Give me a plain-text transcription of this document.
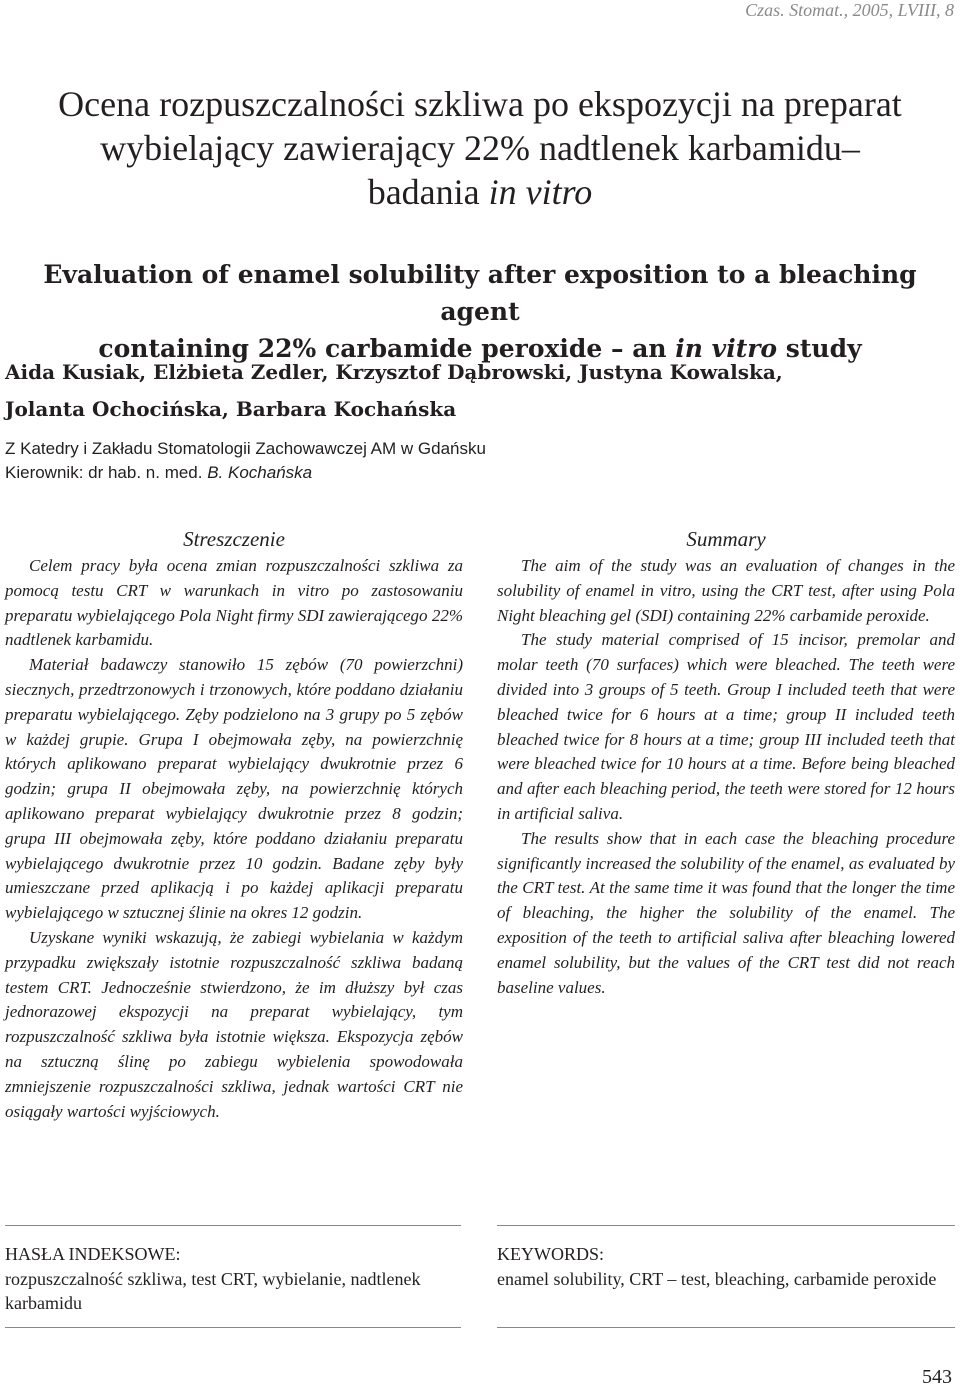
Czas. Stomat., 2005, LVIII, 8
Ocena rozpuszczalności szkliwa po ekspozycji na preparat
wybielający zawierający 22% nadtlenek karbamidu–
badania in vitro
Evaluation of enamel solubility after exposition to a bleaching agent
containing 22% carbamide peroxide – an in vitro study
Aida Kusiak, Elżbieta Zedler, Krzysztof Dąbrowski, Justyna Kowalska,
Jolanta Ochocińska, Barbara Kochańska
Z Katedry i Zakładu Stomatologii Zachowawczej AM w Gdańsku
Kierownik: dr hab. n. med. B. Kochańska
Streszczenie

Celem pracy była ocena zmian rozpuszczalności szkliwa za pomocą testu CRT w warunkach in vitro po zastosowaniu preparatu wybielającego Pola Night firmy SDI zawierającego 22% nadtlenek karbamidu.

Materiał badawczy stanowiło 15 zębów (70 powierzchni) siecznych, przedtrzonowych i trzonowych, które poddano działaniu preparatu wybielającego. Zęby podzielono na 3 grupy po 5 zębów w każdej grupie. Grupa I obejmowała zęby, na powierzchnię których aplikowano preparat wybielający dwukrotnie przez 6 godzin; grupa II obejmowała zęby, na powierzchnię których aplikowano preparat wybielający dwukrotnie przez 8 godzin; grupa III obejmowała zęby, które poddano działaniu preparatu wybielającego dwukrotnie przez 10 godzin. Badane zęby były umieszczane przed aplikacją i po każdej aplikacji preparatu wybielającego w sztucznej ślinie na okres 12 godzin.

Uzyskane wyniki wskazują, że zabiegi wybielania w każdym przypadku zwiększały istotnie rozpuszczalność szkliwa badaną testem CRT. Jednocześnie stwierdzono, że im dłuższy był czas jednorazowej ekspozycji na preparat wybielający, tym rozpuszczalność szkliwa była istotnie większa. Ekspozycja zębów na sztuczną ślinę po zabiegu wybielenia spowodowała zmniejszenie rozpuszczalności szkliwa, jednak wartości CRT nie osiągały wartości wyjściowych.

Summary

The aim of the study was an evaluation of changes in the solubility of enamel in vitro, using the CRT test, after using Pola Night bleaching gel (SDI) containing 22% carbamide peroxide.

The study material comprised of 15 incisor, premolar and molar teeth (70 surfaces) which were bleached. The teeth were divided into 3 groups of 5 teeth. Group I included teeth that were bleached twice for 6 hours at a time; group II included teeth bleached twice for 8 hours at a time; group III included teeth that were bleached twice for 10 hours at a time. Before being bleached and after each bleaching period, the teeth were stored for 12 hours in artificial saliva.

The results show that in each case the bleaching procedure significantly increased the solubility of the enamel, as evaluated by the CRT test. At the same time it was found that the longer the time of bleaching, the higher the solubility of the enamel. The exposition of the teeth to artificial saliva after bleaching lowered enamel solubility, but the values of the CRT test did not reach baseline values.

HASŁA INDEKSOWE:
rozpuszczalność szkliwa, test CRT, wybielanie, nadtlenek karbamidu
KEYWORDS:
enamel solubility, CRT – test, bleaching, carbamide peroxide
543
